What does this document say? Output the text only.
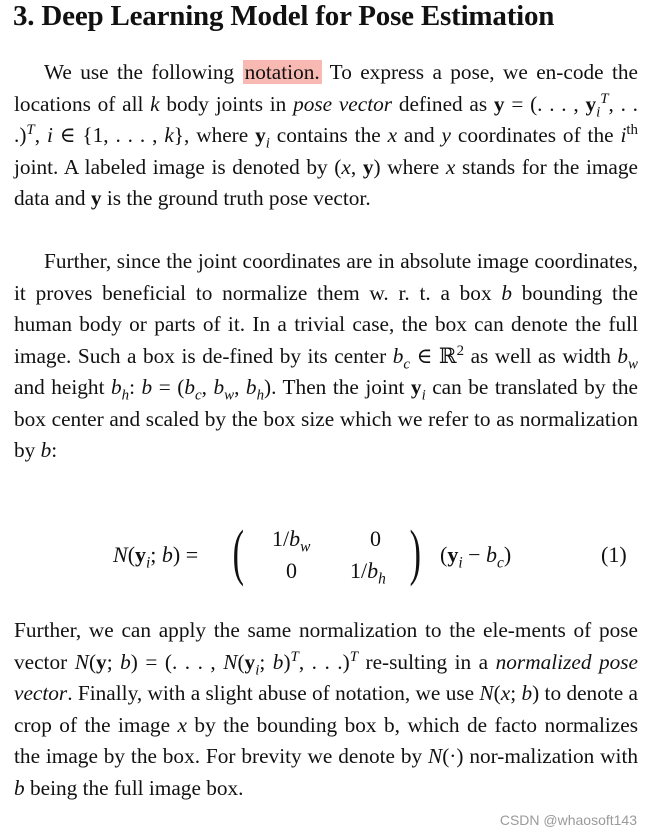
3. Deep Learning Model for Pose Estimation

We use the following notation. To express a pose, we en-code the locations of all k body joints in pose vector defined as y = (. . . , $y_i^T$, . . .)$^T$, i ∈ {1, . . . , k}, where $y_i$ contains the x and y coordinates of the $i^{th}$ joint. A labeled image is denoted by (x, y) where x stands for the image data and y is the ground truth pose vector.

Further, since the joint coordinates are in absolute image coordinates, it proves beneficial to normalize them w. r. t. a box b bounding the human body or parts of it. In a trivial case, the box can denote the full image. Such a box is de-fined by its center $b_c$ ∈ ℝ$^2$ as well as width $b_w$ and height $b_h$: $b = (b_c$, $b_w$, $b_h$). Then the joint $y_i$ can be translated by the box center and scaled by the box size which we refer to as normalization by b:

$N(y_i$; b) = ( $1/b_w$	0
0 $1/b_h$ ) $(y_i - b_c)$	(1)

Further, we can apply the same normalization to the ele-ments of pose vector N(y; b) = (. . . , $N(y_i$; b)$^T$, . . .)$^T$ re-sulting in a normalized pose vector. Finally, with a slight abuse of notation, we use N(x; b) to denote a crop of the image x by the bounding box b, which de facto normalizes the image by the box. For brevity we denote by N(·) nor-malization with b being the full image box.

CSDN @whaosoft143
